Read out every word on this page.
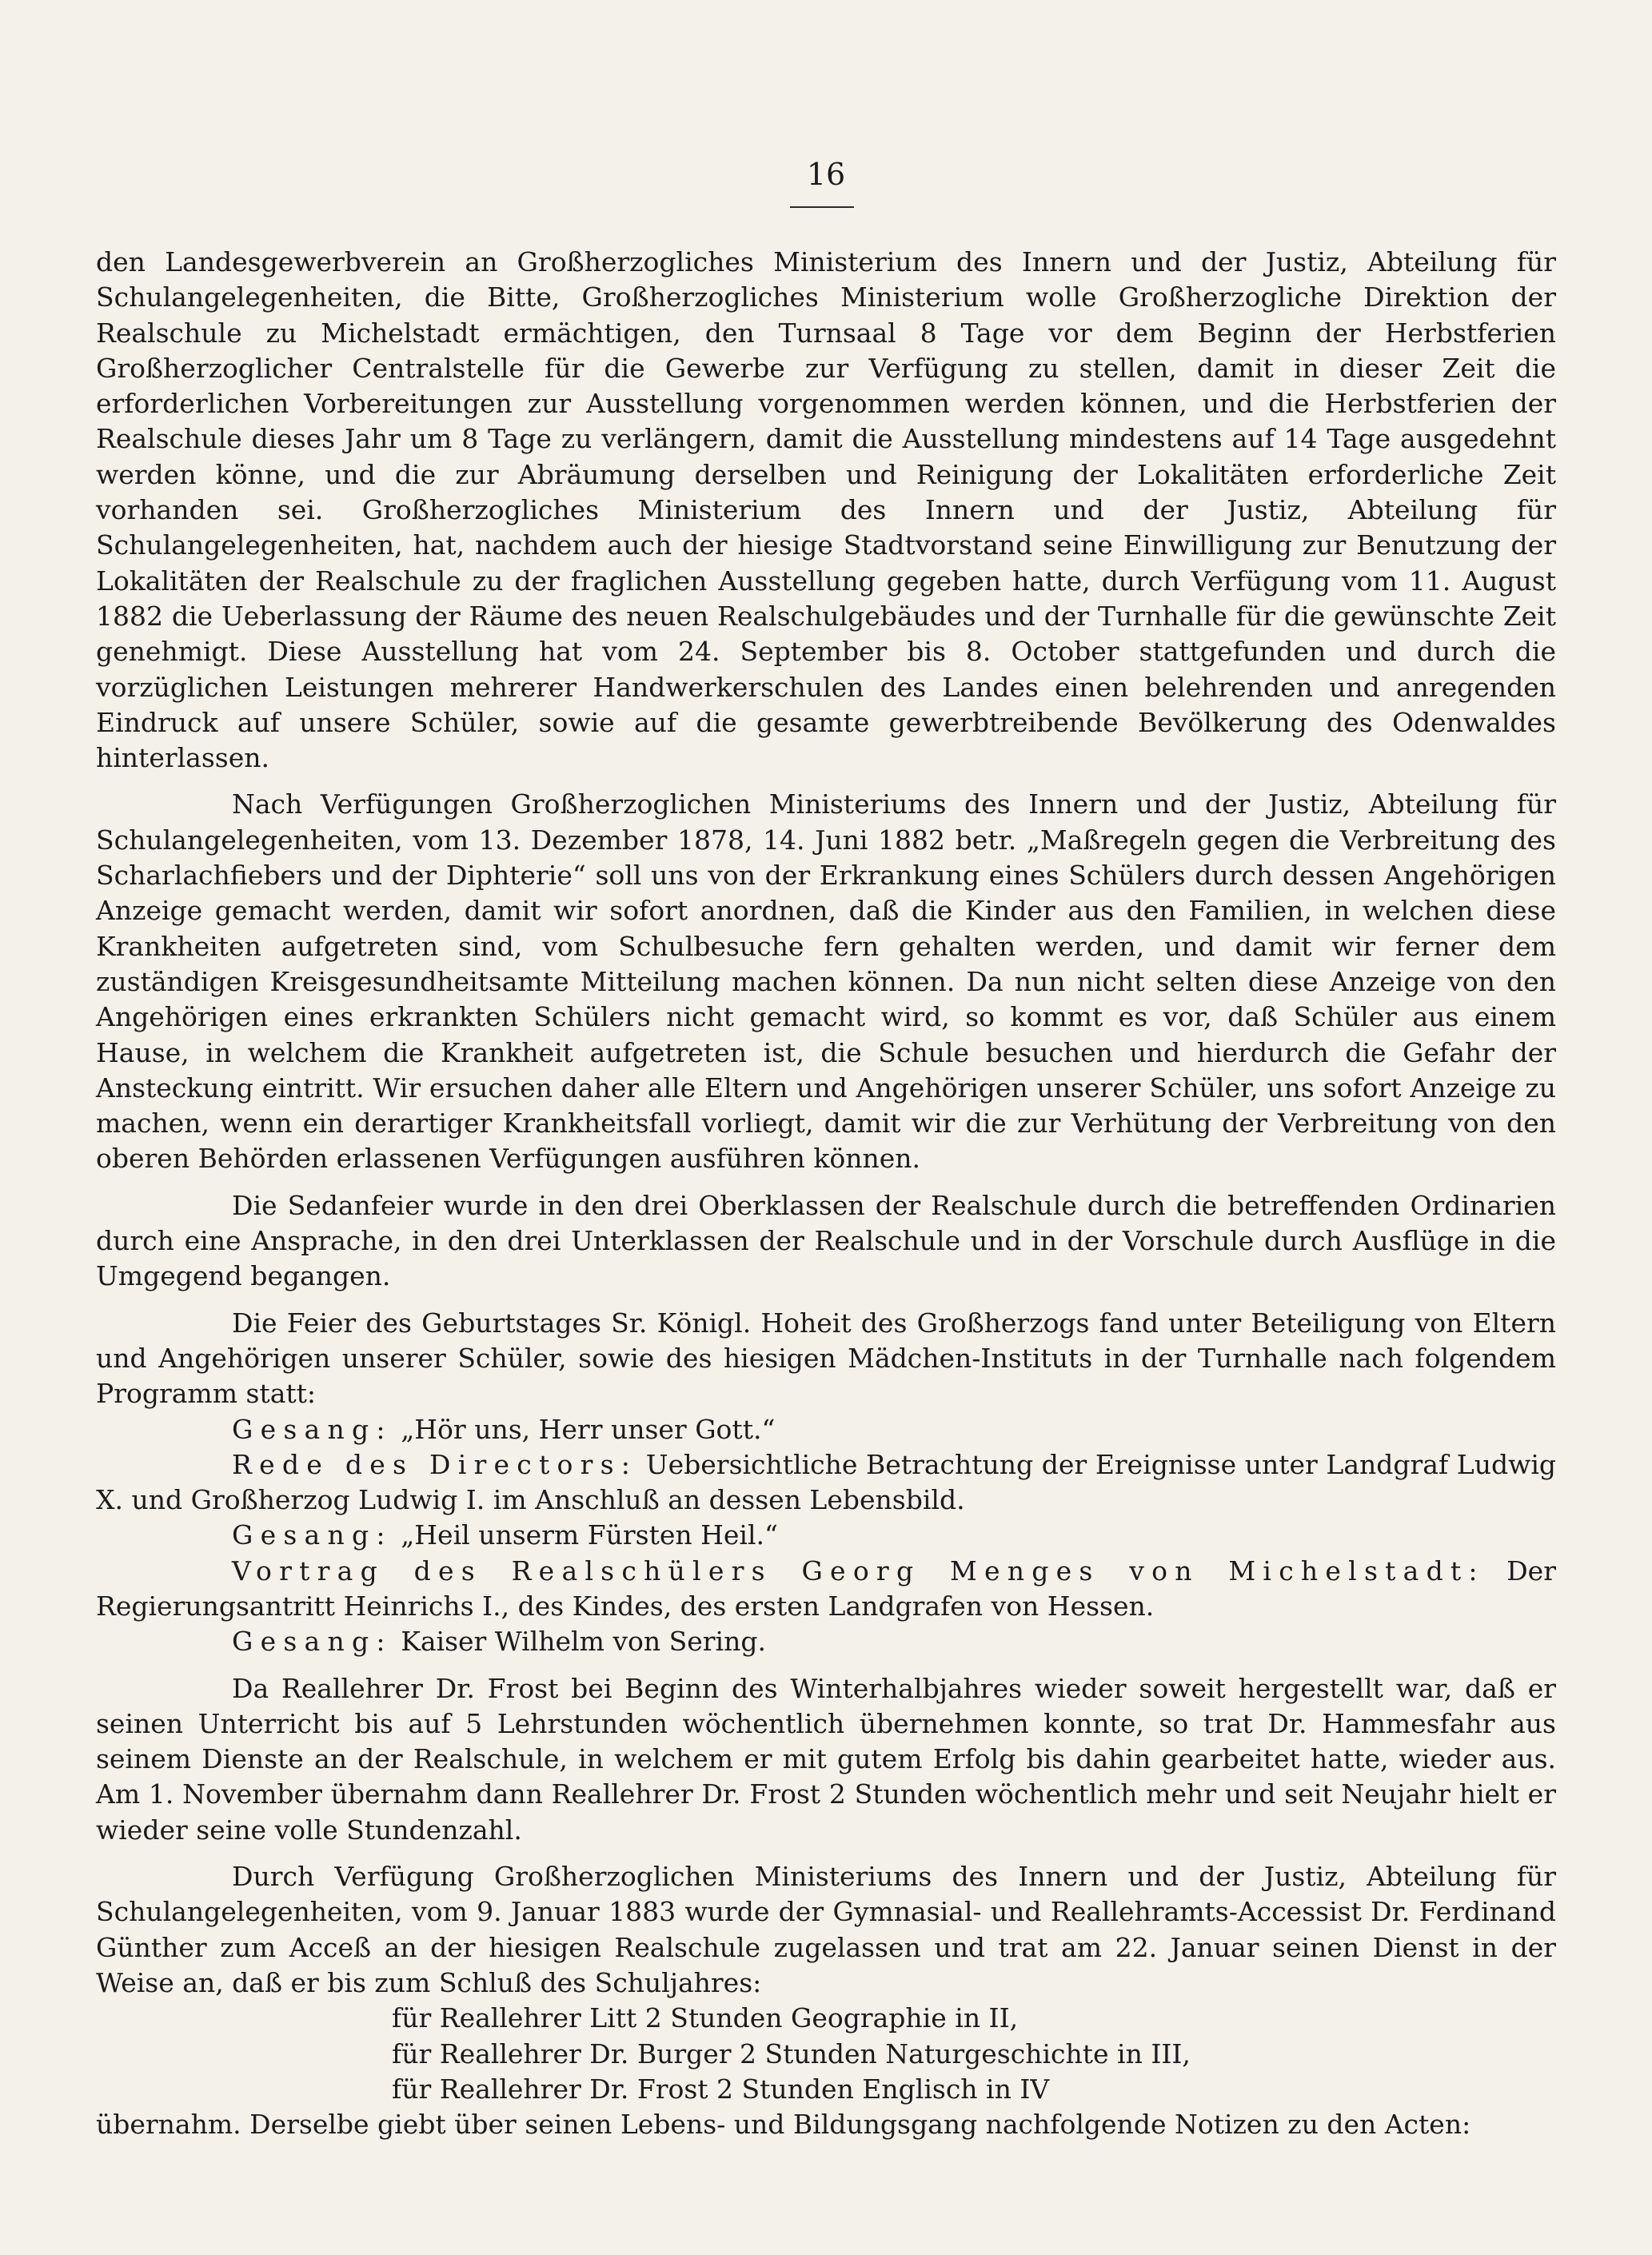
16

den Landesgewerbverein an Großherzogliches Ministerium des Innern und der Justiz, Abteilung für Schulangelegenheiten, die Bitte, Großherzogliches Ministerium wolle Großherzogliche Direktion der Realschule zu Michelstadt ermächtigen, den Turnsaal 8 Tage vor dem Beginn der Herbstferien Großherzoglicher Centralstelle für die Gewerbe zur Verfügung zu stellen, damit in dieser Zeit die erforderlichen Vorbereitungen zur Ausstellung vorgenommen werden können, und die Herbstferien der Realschule dieses Jahr um 8 Tage zu verlängern, damit die Ausstellung mindestens auf 14 Tage ausgedehnt werden könne, und die zur Abräumung derselben und Reinigung der Lokalitäten erforderliche Zeit vorhanden sei. Großherzogliches Ministerium des Innern und der Justiz, Abteilung für Schulangelegenheiten, hat, nachdem auch der hiesige Stadtvorstand seine Einwilligung zur Benutzung der Lokalitäten der Realschule zu der fraglichen Ausstellung gegeben hatte, durch Verfügung vom 11. August 1882 die Ueberlassung der Räume des neuen Realschulgebäudes und der Turnhalle für die gewünschte Zeit genehmigt. Diese Ausstellung hat vom 24. September bis 8. October stattgefunden und durch die vorzüglichen Leistungen mehrerer Handwerkerschulen des Landes einen belehrenden und anregenden Eindruck auf unsere Schüler, sowie auf die gesamte gewerbtreibende Bevölkerung des Odenwaldes hinterlassen.

Nach Verfügungen Großherzoglichen Ministeriums des Innern und der Justiz, Abteilung für Schulangelegenheiten, vom 13. Dezember 1878, 14. Juni 1882 betr. „Maßregeln gegen die Verbreitung des Scharlachfiebers und der Diphterie“ soll uns von der Erkrankung eines Schülers durch dessen Angehörigen Anzeige gemacht werden, damit wir sofort anordnen, daß die Kinder aus den Familien, in welchen diese Krankheiten aufgetreten sind, vom Schulbesuche fern gehalten werden, und damit wir ferner dem zuständigen Kreisgesundheitsamte Mitteilung machen können. Da nun nicht selten diese Anzeige von den Angehörigen eines erkrankten Schülers nicht gemacht wird, so kommt es vor, daß Schüler aus einem Hause, in welchem die Krankheit aufgetreten ist, die Schule besuchen und hierdurch die Gefahr der Ansteckung eintritt. Wir ersuchen daher alle Eltern und Angehörigen unserer Schüler, uns sofort Anzeige zu machen, wenn ein derartiger Krankheitsfall vorliegt, damit wir die zur Verhütung der Verbreitung von den oberen Behörden erlassenen Verfügungen ausführen können.

Die Sedanfeier wurde in den drei Oberklassen der Realschule durch die betreffenden Ordinarien durch eine Ansprache, in den drei Unterklassen der Realschule und in der Vorschule durch Ausflüge in die Umgegend begangen.

Die Feier des Geburtstages Sr. Königl. Hoheit des Großherzogs fand unter Beteiligung von Eltern und Angehörigen unserer Schüler, sowie des hiesigen Mädchen-Instituts in der Turnhalle nach folgendem Programm statt:

Gesang: „Hör uns, Herr unser Gott.“

Rede des Directors: Uebersichtliche Betrachtung der Ereignisse unter Landgraf Ludwig X. und Großherzog Ludwig I. im Anschluß an dessen Lebensbild.

Gesang: „Heil unserm Fürsten Heil.“

Vortrag des Realschülers Georg Menges von Michelstadt: Der Regierungsantritt Heinrichs I., des Kindes, des ersten Landgrafen von Hessen.

Gesang: Kaiser Wilhelm von Sering.

Da Reallehrer Dr. Frost bei Beginn des Winterhalbjahres wieder soweit hergestellt war, daß er seinen Unterricht bis auf 5 Lehrstunden wöchentlich übernehmen konnte, so trat Dr. Hammesfahr aus seinem Dienste an der Realschule, in welchem er mit gutem Erfolg bis dahin gearbeitet hatte, wieder aus. Am 1. November übernahm dann Reallehrer Dr. Frost 2 Stunden wöchentlich mehr und seit Neujahr hielt er wieder seine volle Stundenzahl.

Durch Verfügung Großherzoglichen Ministeriums des Innern und der Justiz, Abteilung für Schulangelegenheiten, vom 9. Januar 1883 wurde der Gymnasial- und Reallehramts-Accessist Dr. Ferdinand Günther zum Acceß an der hiesigen Realschule zugelassen und trat am 22. Januar seinen Dienst in der Weise an, daß er bis zum Schluß des Schuljahres:

für Reallehrer Litt 2 Stunden Geographie in II,

für Reallehrer Dr. Burger 2 Stunden Naturgeschichte in III,

für Reallehrer Dr. Frost 2 Stunden Englisch in IV

übernahm. Derselbe giebt über seinen Lebens- und Bildungsgang nachfolgende Notizen zu den Acten:
